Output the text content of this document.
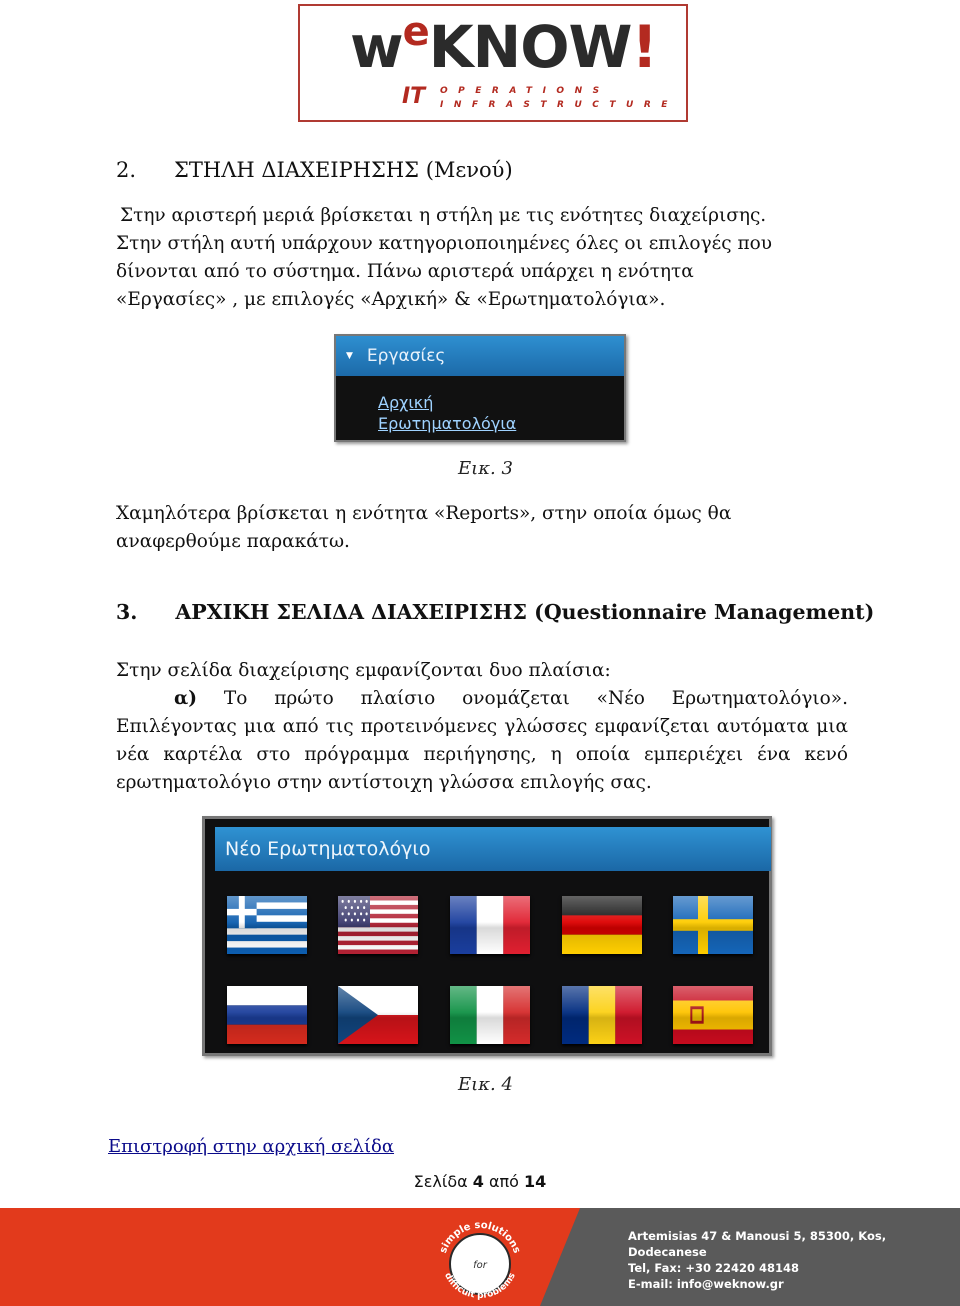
$w^eKNOW$!
IT OPERATIONS
INFRASTRUCTURE
2. ΣΤΗΛΗ ΔΙΑΧΕΙΡΗΣΗΣ (Μενού)

Στην αριστερή μεριά βρίσκεται η στήλη με τις ενότητες διαχείρισης. Στην στήλη αυτή υπάρχουν κατηγοριοποιημένες όλες οι επιλογές που δίνονται από το σύστημα. Πάνω αριστερά υπάρχει η ενότητα «Εργασίες» , με επιλογές «Αρχική» & «Ερωτηματολόγια».

▼ Εργασίες
Αρχική
Ερωτηματολόγια
Εικ. 3

Χαμηλότερα βρίσκεται η ενότητα «Reports», στην οποία όμως θα αναφερθούμε παρακάτω.

3. ΑΡΧΙΚΗ ΣΕΛΙΔΑ ΔΙΑΧΕΙΡΙΣΗΣ (Questionnaire Management)

Στην σελίδα διαχείρισης εμφανίζονται δυο πλαίσια:

α) Το πρώτο πλαίσιο ονομάζεται «Νέο Ερωτηματολόγιο». Επιλέγοντας μια από τις προτεινόμενες γλώσσες εμφανίζεται αυτόματα μια νέα καρτέλα στο πρόγραμμα περιήγησης, η οποία εμπεριέχει ένα κενό ερωτηματολόγιο στην αντίστοιχη γλώσσα επιλογής σας.

Νέο Ερωτηματολόγιο
Εικ. 4
Επιστροφή στην αρχική σελίδα
Σελίδα 4 από 14
simple solutions
difficult problems
for
Artemisias 47 & Manousi 5, 85300, Kos, Dodecanese
Tel, Fax: +30 22420 48148
E-mail: info@weknow.gr
